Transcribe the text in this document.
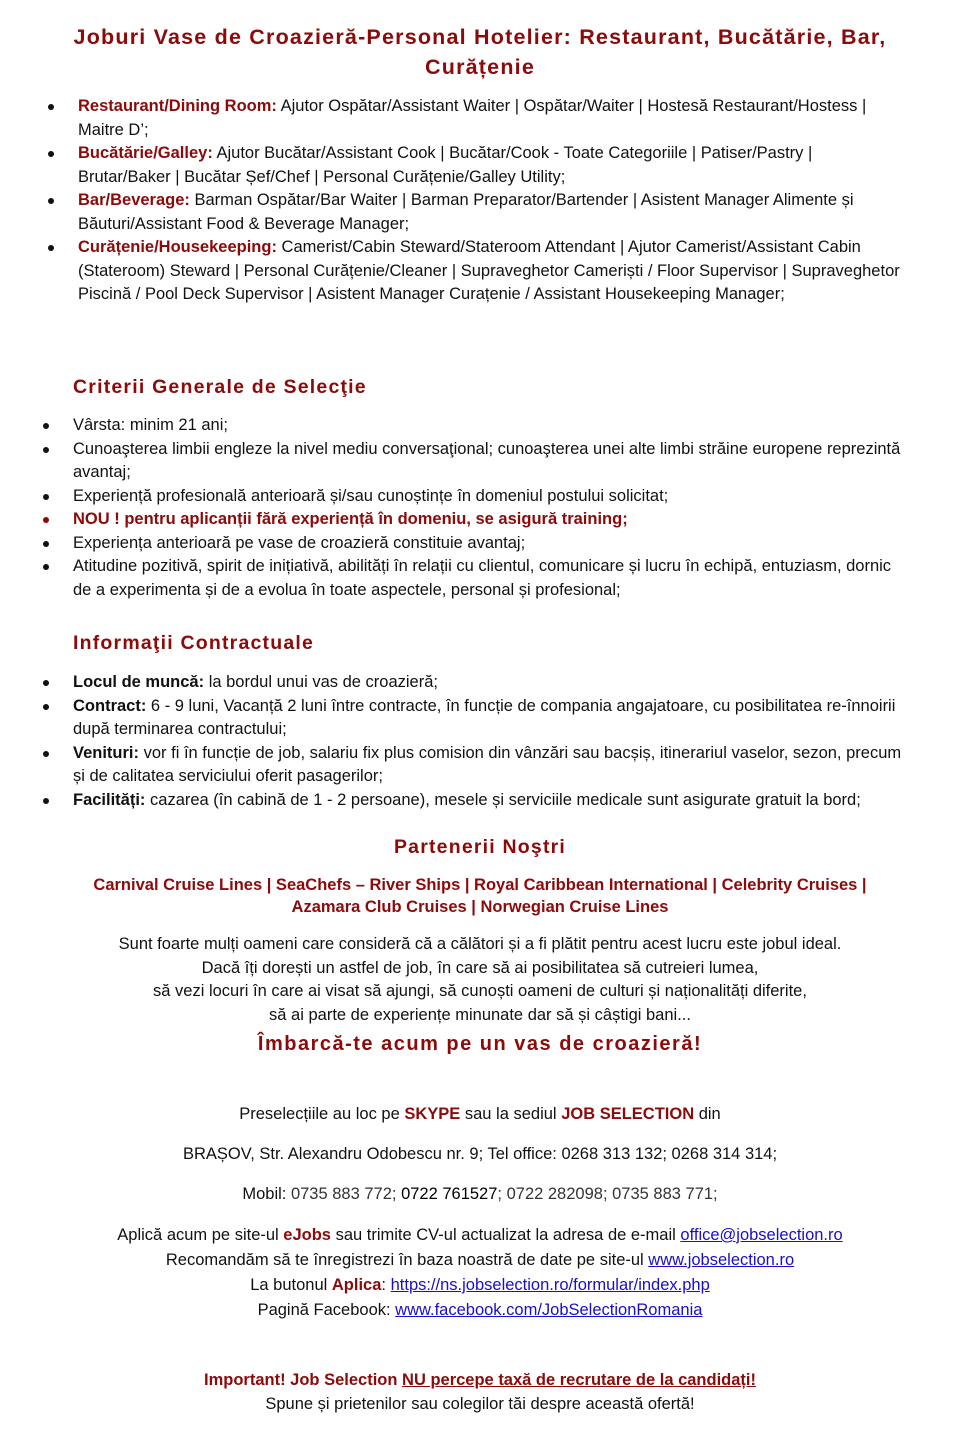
Joburi Vase de Croazieră-Personal Hotelier: Restaurant, Bucătărie, Bar, Curățenie
Restaurant/Dining Room: Ajutor Ospătar/Assistant Waiter | Ospătar/Waiter | Hostesă Restaurant/Hostess | Maitre D’;
Bucătărie/Galley: Ajutor Bucătar/Assistant Cook | Bucătar/Cook - Toate Categoriile | Patiser/Pastry | Brutar/Baker | Bucătar Șef/Chef | Personal Curățenie/Galley Utility;
Bar/Beverage: Barman Ospătar/Bar Waiter | Barman Preparator/Bartender | Asistent Manager Alimente și Băuturi/Assistant Food & Beverage Manager;
Curățenie/Housekeeping: Camerist/Cabin Steward/Stateroom Attendant | Ajutor Camerist/Assistant Cabin (Stateroom) Steward | Personal Curățenie/Cleaner | Supraveghetor Cameriști / Floor Supervisor | Supraveghetor Piscină / Pool Deck Supervisor | Asistent Manager Curațenie / Assistant Housekeeping Manager;
Criterii Generale de Selecţie
Vârsta: minim 21 ani;
Cunoaşterea limbii engleze la nivel mediu conversaţional; cunoaşterea unei alte limbi străine europene reprezintă avantaj;
Experiență profesională anterioară și/sau cunoștințe în domeniul postului solicitat;
NOU ! pentru aplicanții fără experiență în domeniu, se asigură training;
Experiența anterioară pe vase de croazieră constituie avantaj;
Atitudine pozitivă, spirit de inițiativă, abilități în relații cu clientul, comunicare și lucru în echipă, entuziasm, dornic de a experimenta și de a evolua în toate aspectele, personal și profesional;
Informaţii Contractuale
Locul de muncă: la bordul unui vas de croazieră;
Contract: 6 - 9 luni, Vacanță 2 luni între contracte, în funcție de compania angajatoare, cu posibilitatea re-înnoirii după terminarea contractului;
Venituri: vor fi în funcție de job, salariu fix plus comision din vânzări sau bacșiș, itinerariul vaselor, sezon, precum și de calitatea serviciului oferit pasagerilor;
Facilități: cazarea (în cabină de 1 - 2 persoane), mesele și serviciile medicale sunt asigurate gratuit la bord;
Partenerii Noştri
Carnival Cruise Lines | SeaChefs – River Ships | Royal Caribbean International | Celebrity Cruises | Azamara Club Cruises | Norwegian Cruise Lines
Sunt foarte mulți oameni care consideră că a călători și a fi plătit pentru acest lucru este jobul ideal.
Dacă îți dorești un astfel de job, în care să ai posibilitatea să cutreieri lumea,
să vezi locuri în care ai visat să ajungi, să cunoști oameni de culturi și naționalități diferite,
să ai parte de experiențe minunate dar să și câștigi bani...
Îmbarcă-te acum pe un vas de croazieră!
Preselecțiile au loc pe SKYPE sau la sediul JOB SELECTION din
BRAȘOV, Str. Alexandru Odobescu nr. 9; Tel office: 0268 313 132; 0268 314 314;
Mobil: 0735 883 772; 0722 761527; 0722 282098; 0735 883 771;
Aplică acum pe site-ul eJobs sau trimite CV-ul actualizat la adresa de e-mail office@jobselection.ro
Recomandăm să te înregistrezi în baza noastră de date pe site-ul www.jobselection.ro
La butonul Aplica: https://ns.jobselection.ro/formular/index.php
Pagină Facebook: www.facebook.com/JobSelectionRomania
Important! Job Selection NU percepe taxă de recrutare de la candidați!
Spune și prietenilor sau colegilor tăi despre această ofertă!
